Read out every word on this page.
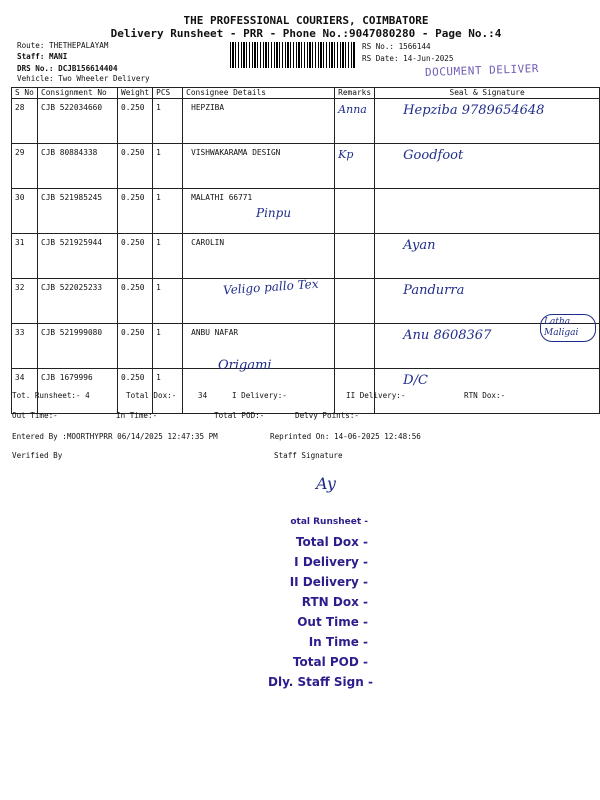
THE PROFESSIONAL COURIERS, COIMBATORE
Delivery Runsheet - PRR - Phone No.:9047080280 - Page No.:4
Route: THETHEPALAYAM
Staff: MANI
DRS No.: DCJB156614404
Vehicle: Two Wheeler Delivery
RS No.: 1566144
RS Date: 14-Jun-2025
DOCUMENT DELIVER
S No	Consignment No	Weight	PCS	Consignee Details	Remarks	Seal & Signature
28	CJB 522034660	0.250	1	HEPZIBA	Anna	Hepziba 9789654648
29	CJB 80884338	0.250	1	VISHWAKARAMA DESIGN	Kp	Goodfoot
30	CJB 521985245	0.250	1	MALATHI 66771		
31	CJB 521925944	0.250	1	CAROLIN		Ayan
32	CJB 522025233	0.250	1			Pandurra
33	CJB 521999080	0.250	1	ANBU NAFAR		Anu 8608367
34	CJB 1679996	0.250	1			D/C
Pinpu
Veligo pallo Tex
Latha Maligai
Origami
Tot. Runsheet:- 4	Total Dox:-	34	I Delivery:-	II Delivery:-	RTN Dox:-
Out Time:-	In Time:-	Total POD:-	Delvy Points:-
Entered By :MOORTHYPRR 06/14/2025 12:47:35 PM	Reprinted On: 14-06-2025 12:48:56
Verified By	Staff Signature
Ay
otal Runsheet -
Total Dox -
I Delivery -
II Delivery -
RTN Dox -
Out Time -
In Time -
Total POD -
Dly. Staff Sign -
